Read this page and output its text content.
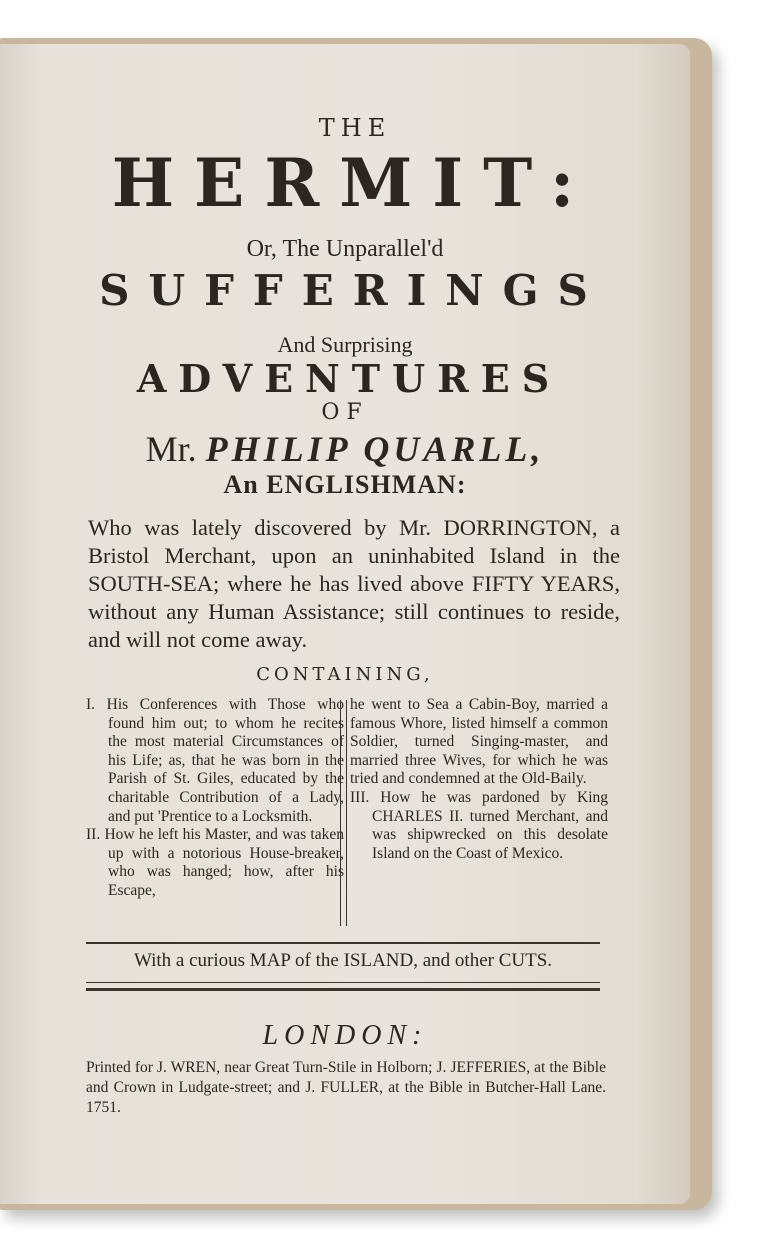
THE
HERMIT:
Or, The Unparallel'd
SUFFERINGS
And Surprising
ADVENTURES
OF
Mr. PHILIP QUARLL,
An ENGLISHMAN:
Who was lately discovered by Mr. DORRINGTON, a Bristol Merchant, upon an uninhabited Island in the SOUTH-SEA; where he has lived above FIFTY YEARS, without any Human Assistance; still continues to reside, and will not come away.
CONTAINING,

I. His Conferences with Those who found him out; to whom he recites the most material Circumstances of his Life; as, that he was born in the Parish of St. Giles, educated by the charitable Contribution of a Lady, and put 'Prentice to a Locksmith.

II. How he left his Master, and was taken up with a notorious House-breaker, who was hanged; how, after his Escape,

he went to Sea a Cabin-Boy, married a famous Whore, listed himself a common Soldier, turned Singing-master, and married three Wives, for which he was tried and condemned at the Old-Baily.

III. How he was pardoned by King CHARLES II. turned Merchant, and was shipwrecked on this desolate Island on the Coast of Mexico.

With a curious MAP of the ISLAND, and other CUTS.
LONDON:
Printed for J. WREN, near Great Turn-Stile in Holborn; J. JEFFERIES, at the Bible and Crown in Ludgate-street; and J. FULLER, at the Bible in Butcher-Hall Lane. 1751.
